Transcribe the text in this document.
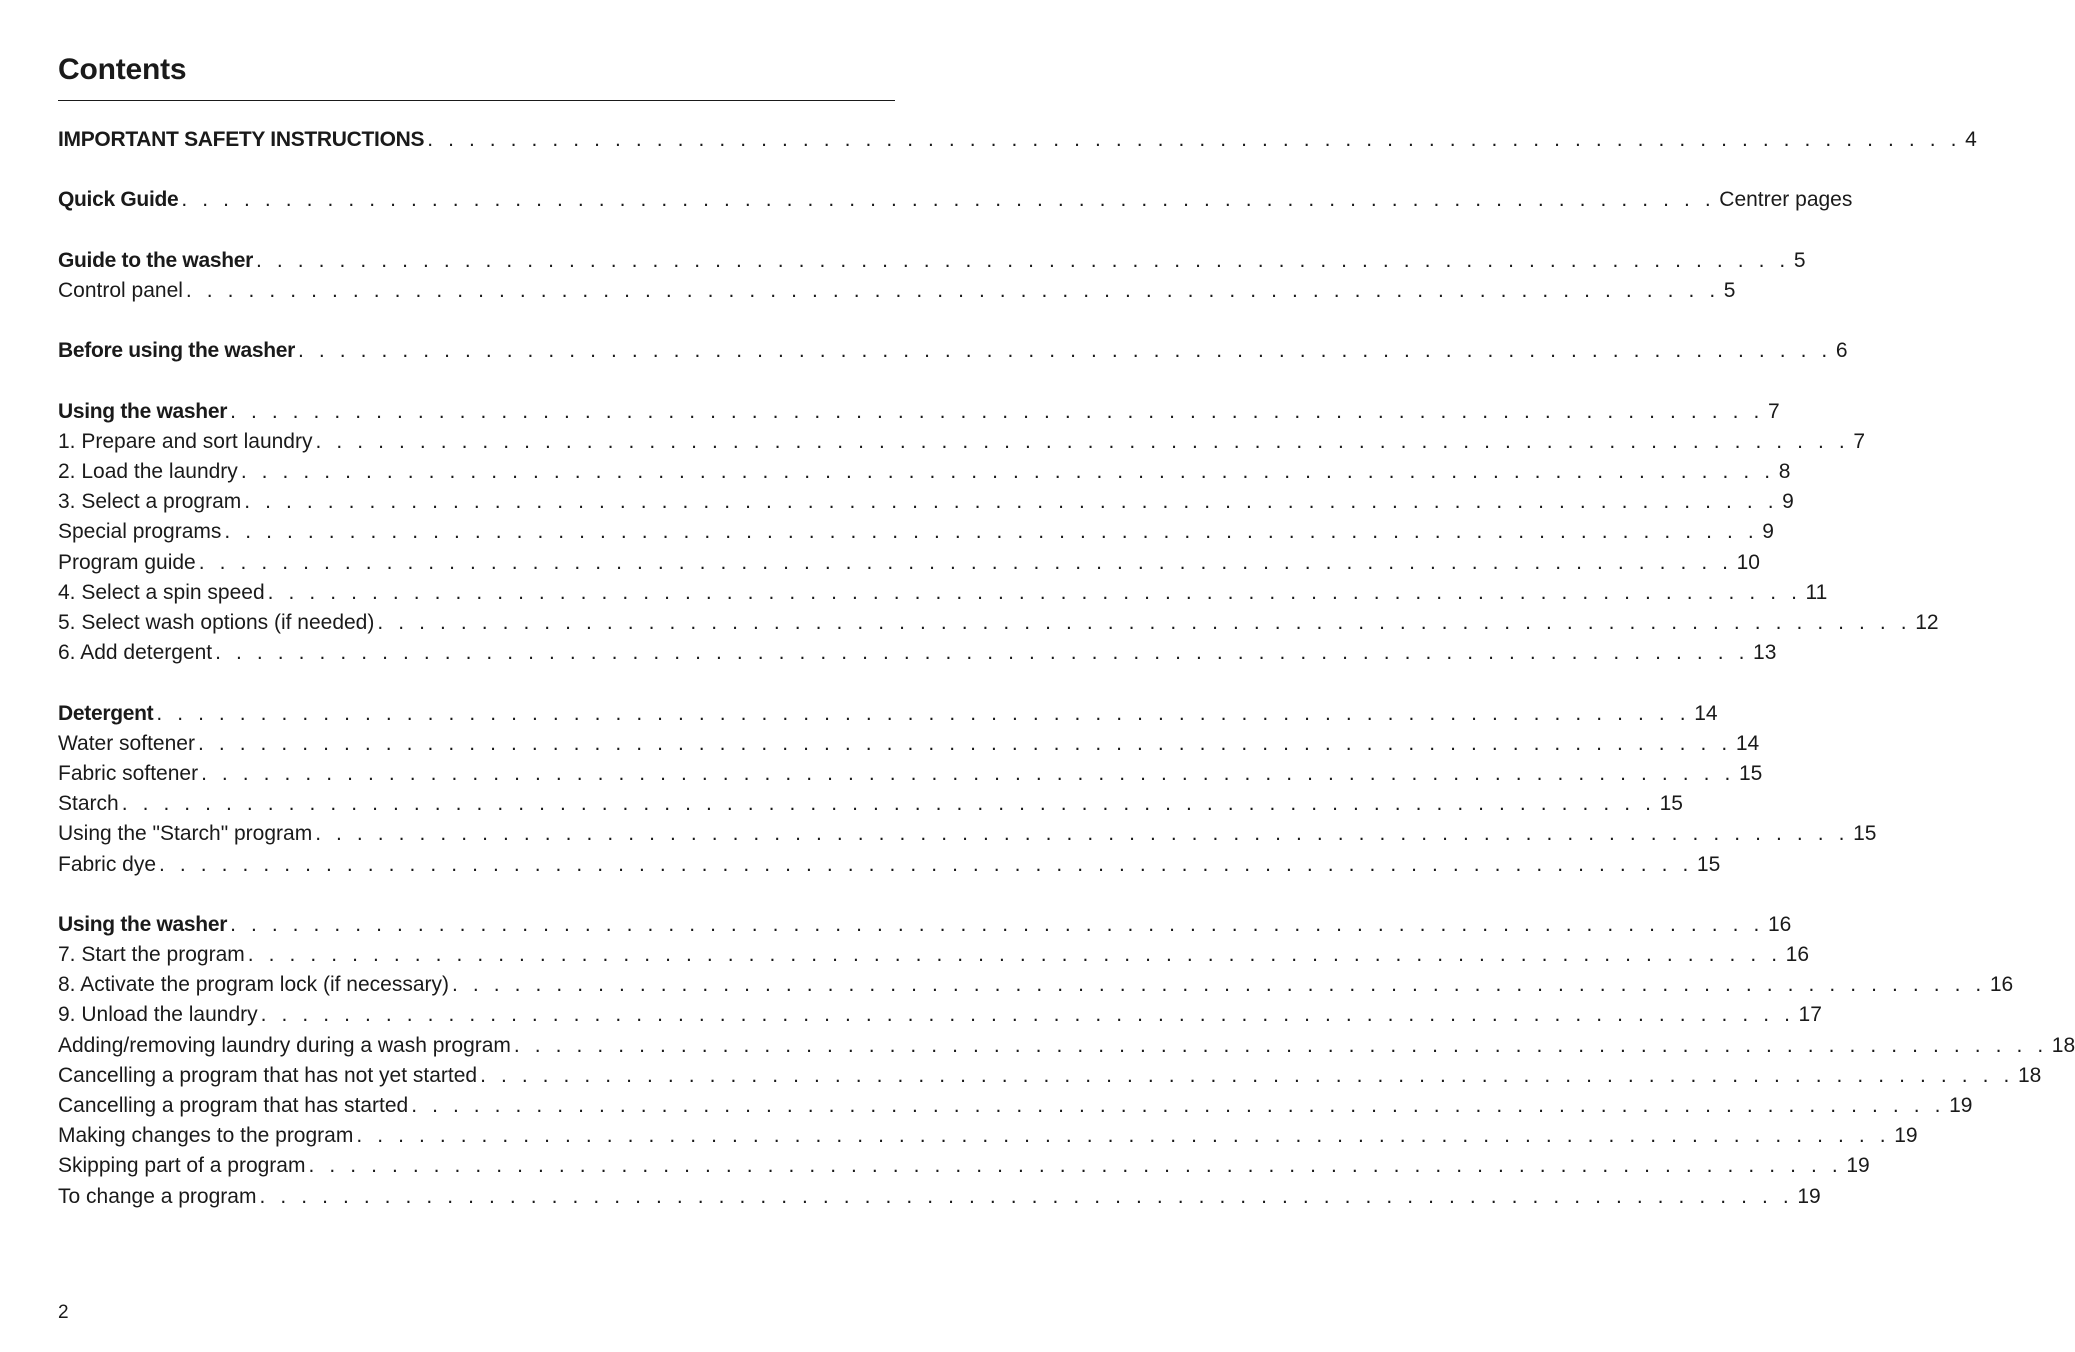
Contents
IMPORTANT SAFETY INSTRUCTIONS . . . . . . . . . . . . . . . . . . . . . . . . . . . . . . . . . . . . . . . . . . . . . . . . . . . . . . . . . . . . . . . . . . . . . . . . . . 4
Quick Guide . . . . . . . . . . . . . . . . . . . . . . . . . . . . . . . . . . . . . . . . . . . . . . . . . . . . . . . . . . . . . . . . . . . . . . . . . . Centrer pages
Guide to the washer . . . . . . . . . . . . . . . . . . . . . . . . . . . . . . . . . . . . . . . . . . . . . . . . . . . . . . . . . . . . . . . . . . . . . . . . . . 5
Control panel . . . . . . . . . . . . . . . . . . . . . . . . . . . . . . . . . . . . . . . . . . . . . . . . . . . . . . . . . . . . . . . . . . . . . . . . . . 5
Before using the washer . . . . . . . . . . . . . . . . . . . . . . . . . . . . . . . . . . . . . . . . . . . . . . . . . . . . . . . . . . . . . . . . . . . . . . . . . . 6
Using the washer . . . . . . . . . . . . . . . . . . . . . . . . . . . . . . . . . . . . . . . . . . . . . . . . . . . . . . . . . . . . . . . . . . . . . . . . . . 7
1. Prepare and sort laundry . . . . . . . . . . . . . . . . . . . . . . . . . . . . . . . . . . . . . . . . . . . . . . . . . . . . . . . . . . . . . . . . . . . . . . . . . . 7
2. Load the laundry . . . . . . . . . . . . . . . . . . . . . . . . . . . . . . . . . . . . . . . . . . . . . . . . . . . . . . . . . . . . . . . . . . . . . . . . . . 8
3. Select a program . . . . . . . . . . . . . . . . . . . . . . . . . . . . . . . . . . . . . . . . . . . . . . . . . . . . . . . . . . . . . . . . . . . . . . . . . . 9
Special programs . . . . . . . . . . . . . . . . . . . . . . . . . . . . . . . . . . . . . . . . . . . . . . . . . . . . . . . . . . . . . . . . . . . . . . . . . . 9
Program guide . . . . . . . . . . . . . . . . . . . . . . . . . . . . . . . . . . . . . . . . . . . . . . . . . . . . . . . . . . . . . . . . . . . . . . . . . . 10
4. Select a spin speed . . . . . . . . . . . . . . . . . . . . . . . . . . . . . . . . . . . . . . . . . . . . . . . . . . . . . . . . . . . . . . . . . . . . . . . . . . 11
5. Select wash options (if needed) . . . . . . . . . . . . . . . . . . . . . . . . . . . . . . . . . . . . . . . . . . . . . . . . . . . . . . . . . . . . . . . . . . . . . . . . . . 12
6. Add detergent . . . . . . . . . . . . . . . . . . . . . . . . . . . . . . . . . . . . . . . . . . . . . . . . . . . . . . . . . . . . . . . . . . . . . . . . . . 13
Detergent . . . . . . . . . . . . . . . . . . . . . . . . . . . . . . . . . . . . . . . . . . . . . . . . . . . . . . . . . . . . . . . . . . . . . . . . . . 14
Water softener . . . . . . . . . . . . . . . . . . . . . . . . . . . . . . . . . . . . . . . . . . . . . . . . . . . . . . . . . . . . . . . . . . . . . . . . . . 14
Fabric softener . . . . . . . . . . . . . . . . . . . . . . . . . . . . . . . . . . . . . . . . . . . . . . . . . . . . . . . . . . . . . . . . . . . . . . . . . . 15
Starch . . . . . . . . . . . . . . . . . . . . . . . . . . . . . . . . . . . . . . . . . . . . . . . . . . . . . . . . . . . . . . . . . . . . . . . . . . 15
Using the "Starch" program . . . . . . . . . . . . . . . . . . . . . . . . . . . . . . . . . . . . . . . . . . . . . . . . . . . . . . . . . . . . . . . . . . . . . . . . . . 15
Fabric dye . . . . . . . . . . . . . . . . . . . . . . . . . . . . . . . . . . . . . . . . . . . . . . . . . . . . . . . . . . . . . . . . . . . . . . . . . . 15
Using the washer . . . . . . . . . . . . . . . . . . . . . . . . . . . . . . . . . . . . . . . . . . . . . . . . . . . . . . . . . . . . . . . . . . . . . . . . . . 16
7. Start the program . . . . . . . . . . . . . . . . . . . . . . . . . . . . . . . . . . . . . . . . . . . . . . . . . . . . . . . . . . . . . . . . . . . . . . . . . . 16
8. Activate the program lock (if necessary) . . . . . . . . . . . . . . . . . . . . . . . . . . . . . . . . . . . . . . . . . . . . . . . . . . . . . . . . . . . . . . . . . . . . . . . . . . 16
9. Unload the laundry . . . . . . . . . . . . . . . . . . . . . . . . . . . . . . . . . . . . . . . . . . . . . . . . . . . . . . . . . . . . . . . . . . . . . . . . . . 17
Adding/removing laundry during a wash program . . . . . . . . . . . . . . . . . . . . . . . . . . . . . . . . . . . . . . . . . . . . . . . . . . . . . . . . . . . . . . . . . . . . . . . . . . 18
Cancelling a program that has not yet started . . . . . . . . . . . . . . . . . . . . . . . . . . . . . . . . . . . . . . . . . . . . . . . . . . . . . . . . . . . . . . . . . . . . . . . . . . 18
Cancelling a program that has started . . . . . . . . . . . . . . . . . . . . . . . . . . . . . . . . . . . . . . . . . . . . . . . . . . . . . . . . . . . . . . . . . . . . . . . . . . 19
Making changes to the program . . . . . . . . . . . . . . . . . . . . . . . . . . . . . . . . . . . . . . . . . . . . . . . . . . . . . . . . . . . . . . . . . . . . . . . . . . 19
Skipping part of a program . . . . . . . . . . . . . . . . . . . . . . . . . . . . . . . . . . . . . . . . . . . . . . . . . . . . . . . . . . . . . . . . . . . . . . . . . . 19
To change a program . . . . . . . . . . . . . . . . . . . . . . . . . . . . . . . . . . . . . . . . . . . . . . . . . . . . . . . . . . . . . . . . . . . . . . . . . . 19
2
